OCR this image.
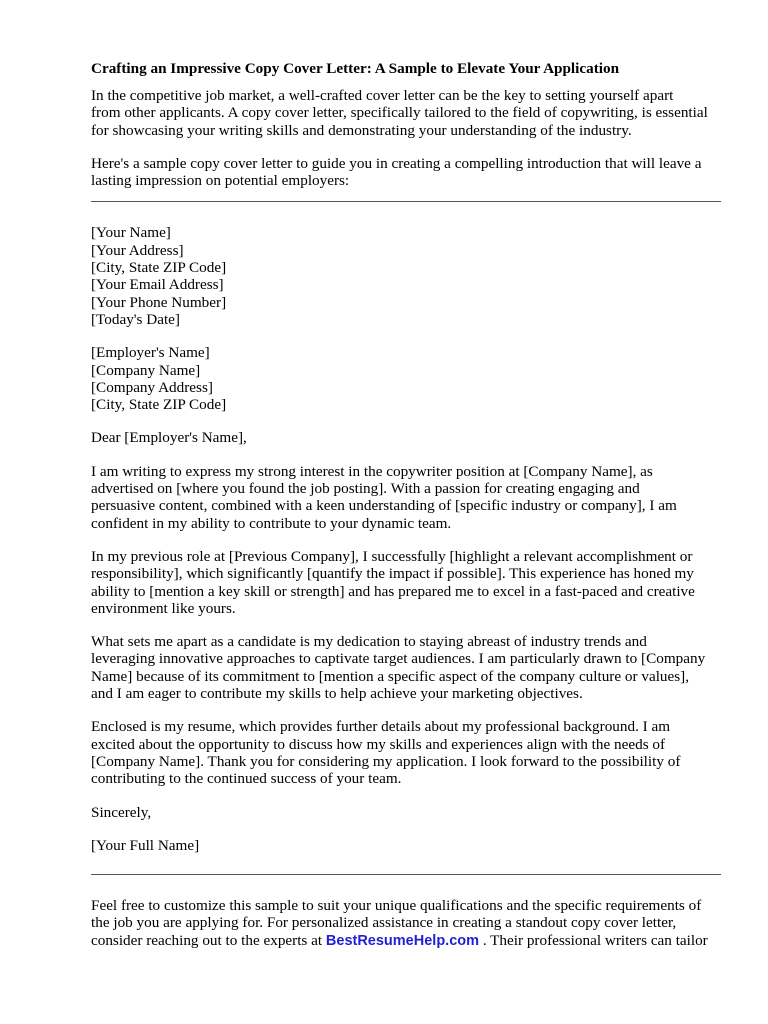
Crafting an Impressive Copy Cover Letter: A Sample to Elevate Your Application

In the competitive job market, a well-crafted cover letter can be the key to setting yourself apart
from other applicants. A copy cover letter, specifically tailored to the field of copywriting, is essential
for showcasing your writing skills and demonstrating your understanding of the industry.

Here's a sample copy cover letter to guide you in creating a compelling introduction that will leave a
lasting impression on potential employers:

[Your Name]
[Your Address]
[City, State ZIP Code]
[Your Email Address]
[Your Phone Number]
[Today's Date]

[Employer's Name]
[Company Name]
[Company Address]
[City, State ZIP Code]

Dear [Employer's Name],

I am writing to express my strong interest in the copywriter position at [Company Name], as
advertised on [where you found the job posting]. With a passion for creating engaging and
persuasive content, combined with a keen understanding of [specific industry or company], I am
confident in my ability to contribute to your dynamic team.

In my previous role at [Previous Company], I successfully [highlight a relevant accomplishment or
responsibility], which significantly [quantify the impact if possible]. This experience has honed my
ability to [mention a key skill or strength] and has prepared me to excel in a fast-paced and creative
environment like yours.

What sets me apart as a candidate is my dedication to staying abreast of industry trends and
leveraging innovative approaches to captivate target audiences. I am particularly drawn to [Company
Name] because of its commitment to [mention a specific aspect of the company culture or values],
and I am eager to contribute my skills to help achieve your marketing objectives.

Enclosed is my resume, which provides further details about my professional background. I am
excited about the opportunity to discuss how my skills and experiences align with the needs of
[Company Name]. Thank you for considering my application. I look forward to the possibility of
contributing to the continued success of your team.

Sincerely,

[Your Full Name]

Feel free to customize this sample to suit your unique qualifications and the specific requirements of
the job you are applying for. For personalized assistance in creating a standout copy cover letter,
consider reaching out to the experts at BestResumeHelp.com . Their professional writers can tailor
